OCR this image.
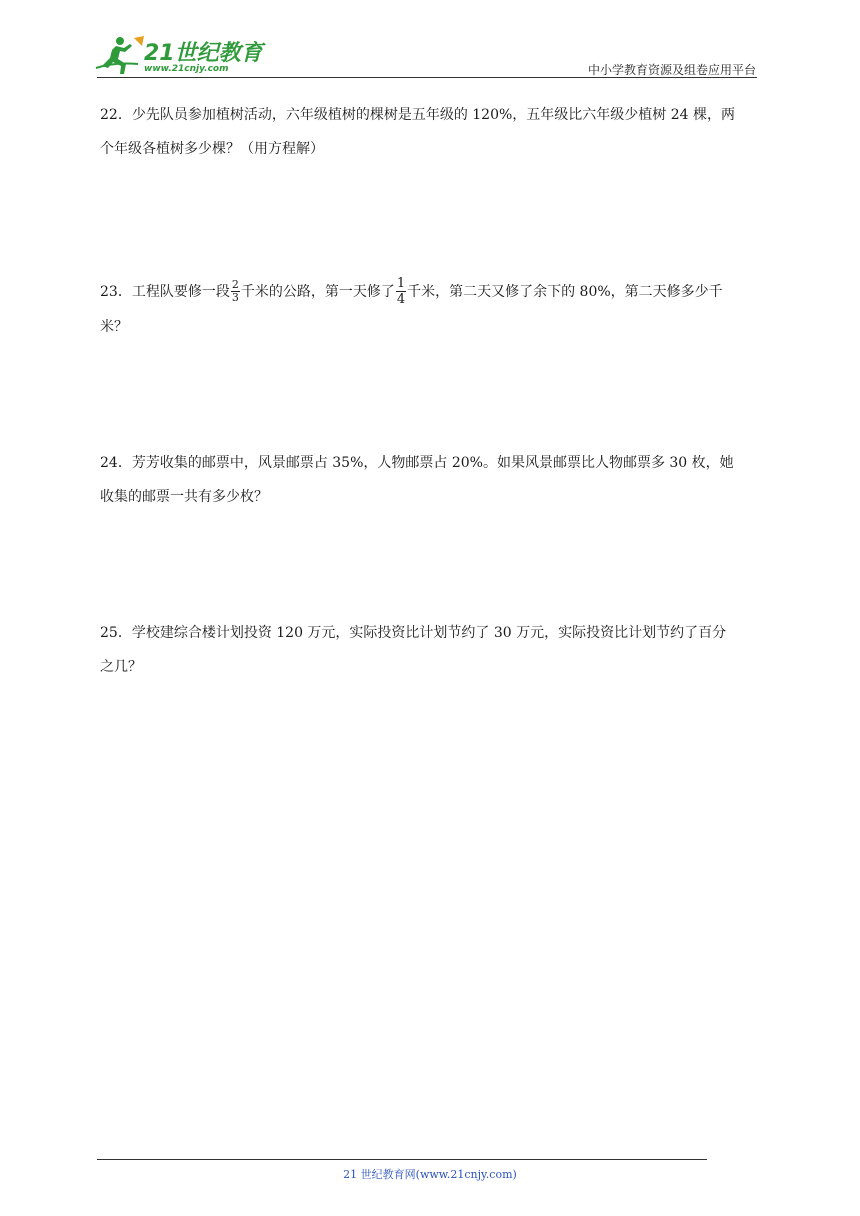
21世纪教育
www.21cnjy.com	中小学教育资源及组卷应用平台
22．少先队员参加植树活动，六年级植树的棵树是五年级的 120%，五年级比六年级少植树 24 棵，两
个年级各植树多少棵？（用方程解）
23．工程队要修一段 $\frac{2}{3}$ 千米的公路，第一天修了 $\frac{1}{4}$ 千米，第二天又修了余下的 80%，第二天修多少千
米？
24．芳芳收集的邮票中，风景邮票占 35%，人物邮票占 20%。如果风景邮票比人物邮票多 30 枚，她
收集的邮票一共有多少枚？
25．学校建综合楼计划投资 120 万元，实际投资比计划节约了 30 万元，实际投资比计划节约了百分
之几？
21 世纪教育网(www.21cnjy.com)
